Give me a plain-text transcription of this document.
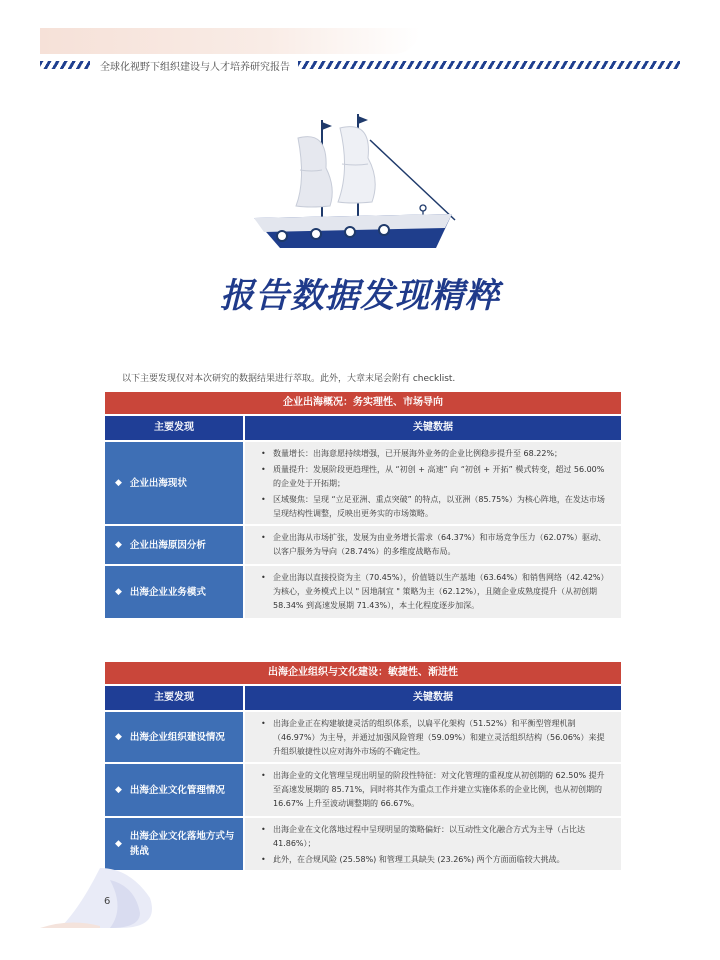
全球化视野下组织建设与人才培养研究报告
报告数据发现精粹
以下主要发现仅对本次研究的数据结果进行萃取。此外，大章末尾会附有 checklist.
企业出海概况：务实理性、市场导向
主要发现	关键数据
◆ 企业出海现状
• 数量增长：出海意愿持续增强，已开展海外业务的企业比例稳步提升至 68.22%；
• 质量提升：发展阶段更趋理性，从 “初创 + 高速” 向 “初创 + 开拓” 模式转变，超过 56.00% 的企业处于开拓期；
• 区域聚焦：呈现 “立足亚洲、重点突破” 的特点，以亚洲（85.75%）为核心阵地，在发达市场呈现结构性调整，反映出更务实的市场策略。
◆ 企业出海原因分析
• 企业出海从市场扩张，发展为由业务增长需求（64.37%）和市场竞争压力（62.07%）驱动、以客户服务为导向（28.74%）的多维度战略布局。
◆ 出海企业业务模式
• 企业出海以直接投资为主（70.45%），价值链以生产基地（63.64%）和销售网络（42.42%）为核心，业务模式上以 " 因地制宜 " 策略为主（62.12%），且随企业成熟度提升（从初创期 58.34% 到高速发展期 71.43%），本土化程度逐步加深。
出海企业组织与文化建设：敏捷性、渐进性
主要发现	关键数据
◆ 出海企业组织建设情况
• 出海企业正在构建敏捷灵活的组织体系，以扁平化架构（51.52%）和平衡型管理机制（46.97%）为主导，并通过加强风险管理（59.09%）和建立灵活组织结构（56.06%）来提升组织敏捷性以应对海外市场的不确定性。
◆ 出海企业文化管理情况
• 出海企业的文化管理呈现出明显的阶段性特征：对文化管理的重视度从初创期的 62.50% 提升至高速发展期的 85.71%，同时将其作为重点工作并建立实施体系的企业比例，也从初创期的 16.67% 上升至波动调整期的 66.67%。
◆
出海企业文化落地方式与挑战
• 出海企业在文化落地过程中呈现明显的策略偏好：以互动性文化融合方式为主导（占比达 41.86%）；
• 此外，在合规风险 (25.58%) 和管理工具缺失 (23.26%) 两个方面面临较大挑战。
6
